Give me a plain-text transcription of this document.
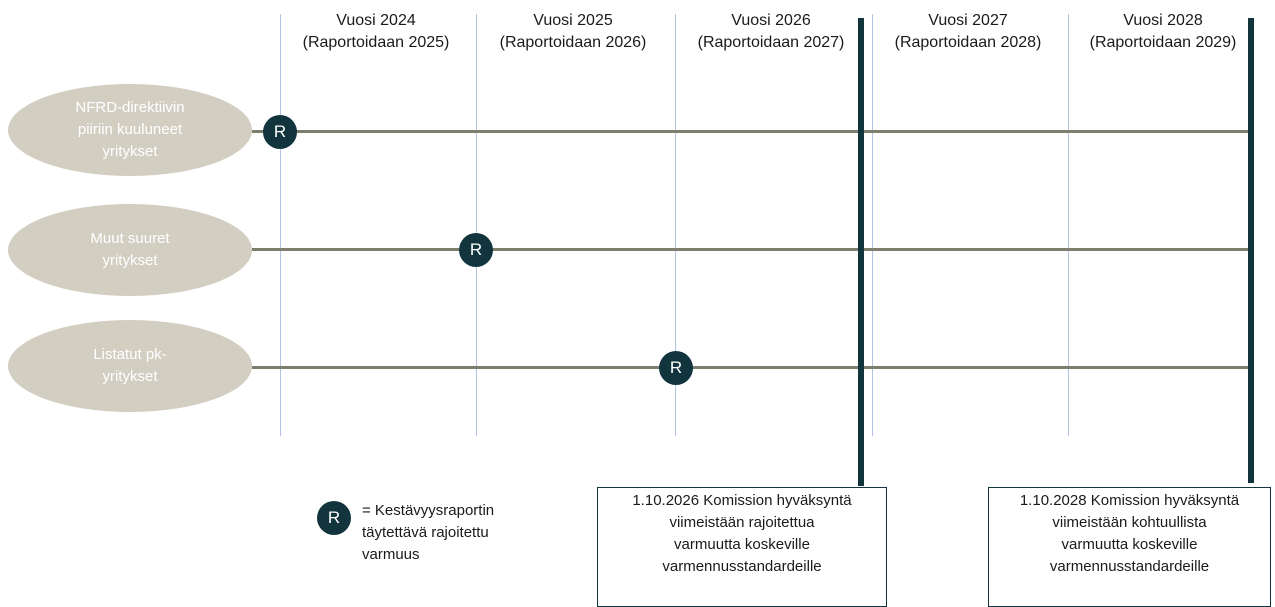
Vuosi 2024
(Raportoidaan 2025)
Vuosi 2025
(Raportoidaan 2026)
Vuosi 2026
(Raportoidaan 2027)
Vuosi 2027
(Raportoidaan 2028)
Vuosi 2028
(Raportoidaan 2029)
NFRD-direktiivin
piiriin kuuluneet
yritykset
Muut suuret
yritykset
Listatut pk-
yritykset
R
R
R
R	= Kestävyysraportin
täytettävä rajoitettu
varmuus
1.10.2026 Komission hyväksyntä
viimeistään rajoitettua
varmuutta koskeville
varmennusstandardeille
1.10.2028 Komission hyväksyntä
viimeistään kohtuullista
varmuutta koskeville
varmennusstandardeille
